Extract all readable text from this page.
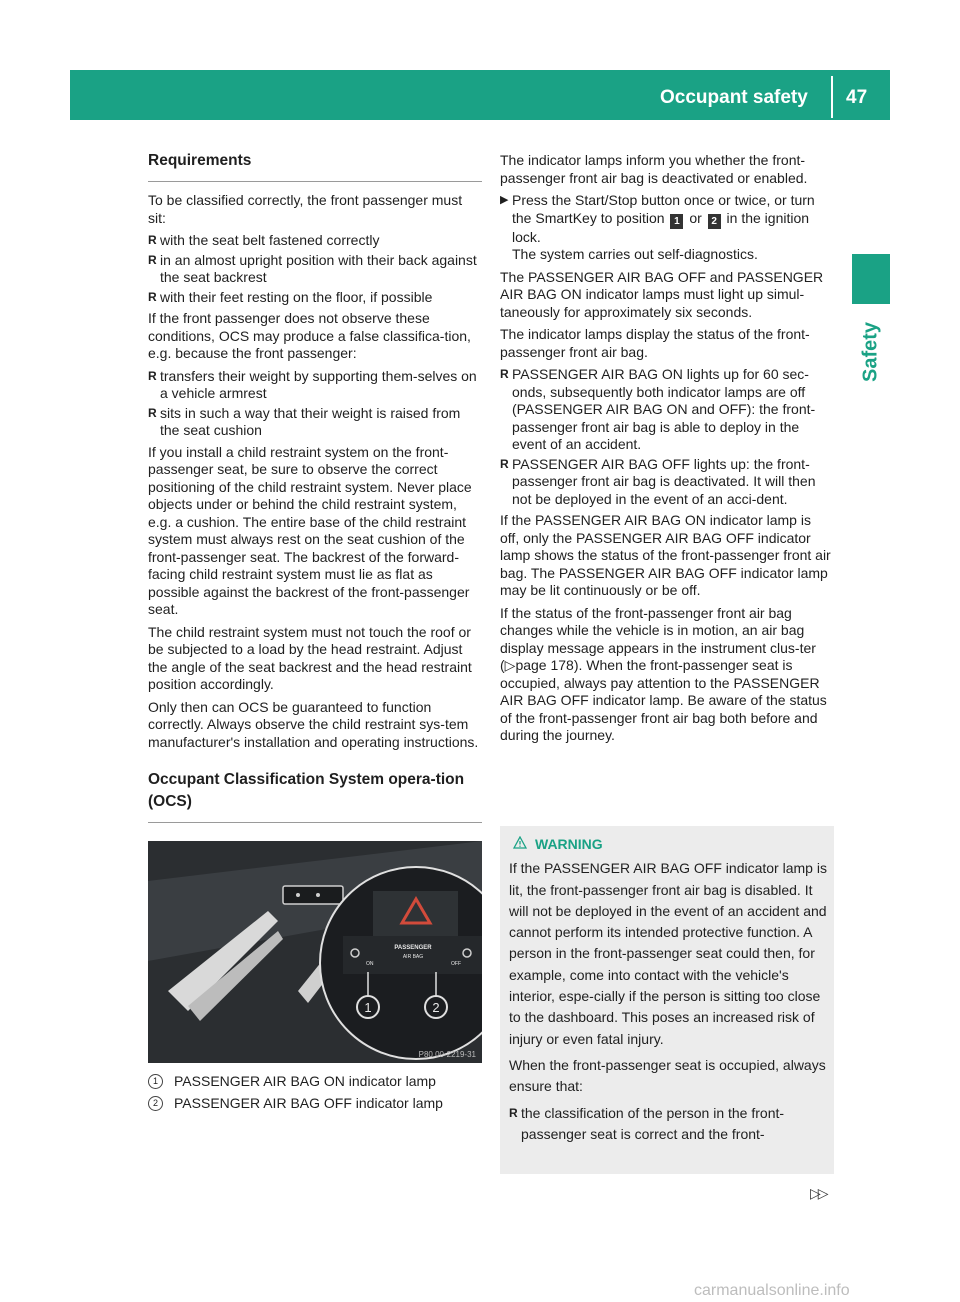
Occupant safety 47
Safety
Requirements

To be classified correctly, the front passenger must sit:

R with the seat belt fastened correctly
R in an almost upright position with their back against the seat backrest
R with their feet resting on the floor, if possible

If the front passenger does not observe these conditions, OCS may produce a false classifica-tion, e.g. because the front passenger:

R transfers their weight by supporting them-selves on a vehicle armrest
R sits in such a way that their weight is raised from the seat cushion

If you install a child restraint system on the front-passenger seat, be sure to observe the correct positioning of the child restraint system. Never place objects under or behind the child restraint system, e.g. a cushion. The entire base of the child restraint system must always rest on the seat cushion of the front-passenger seat. The backrest of the forward-facing child restraint system must lie as flat as possible against the backrest of the front-passenger seat.

The child restraint system must not touch the roof or be subjected to a load by the head restraint. Adjust the angle of the seat backrest and the head restraint position accordingly.

Only then can OCS be guaranteed to function correctly. Always observe the child restraint sys-tem manufacturer's installation and operating instructions.

Occupant Classification System opera-tion (OCS)
PASSENGER
AIR BAG
ON	OFF
1	2
P80.00-2219-31
1	PASSENGER AIR BAG ON indicator lamp
2	PASSENGER AIR BAG OFF indicator lamp

The indicator lamps inform you whether the front-passenger front air bag is deactivated or enabled.

▶ Press the Start/Stop button once or twice, or turn the SmartKey to position 1 or 2 in the ignition lock.
The system carries out self-diagnostics.

The PASSENGER AIR BAG OFF and PASSENGER AIR BAG ON indicator lamps must light up simul-taneously for approximately six seconds.

The indicator lamps display the status of the front-passenger front air bag.

R PASSENGER AIR BAG ON lights up for 60 sec-onds, subsequently both indicator lamps are off (PASSENGER AIR BAG ON and OFF): the front-passenger front air bag is able to deploy in the event of an accident.
R PASSENGER AIR BAG OFF lights up: the front-passenger front air bag is deactivated. It will then not be deployed in the event of an acci-dent.

If the PASSENGER AIR BAG ON indicator lamp is off, only the PASSENGER AIR BAG OFF indicator lamp shows the status of the front-passenger front air bag. The PASSENGER AIR BAG OFF indicator lamp may be lit continuously or be off.

If the status of the front-passenger front air bag changes while the vehicle is in motion, an air bag display message appears in the instrument clus-ter (▷page 178). When the front-passenger seat is occupied, always pay attention to the PASSENGER AIR BAG OFF indicator lamp. Be aware of the status of the front-passenger front air bag both before and during the journey.

WARNING

If the PASSENGER AIR BAG OFF indicator lamp is lit, the front-passenger front air bag is disabled. It will not be deployed in the event of an accident and cannot perform its intended protective function. A person in the front-passenger seat could then, for example, come into contact with the vehicle's interior, espe-cially if the person is sitting too close to the dashboard. This poses an increased risk of injury or even fatal injury.

When the front-passenger seat is occupied, always ensure that:

R the classification of the person in the front-passenger seat is correct and the front-
▷▷
carmanualsonline.info
